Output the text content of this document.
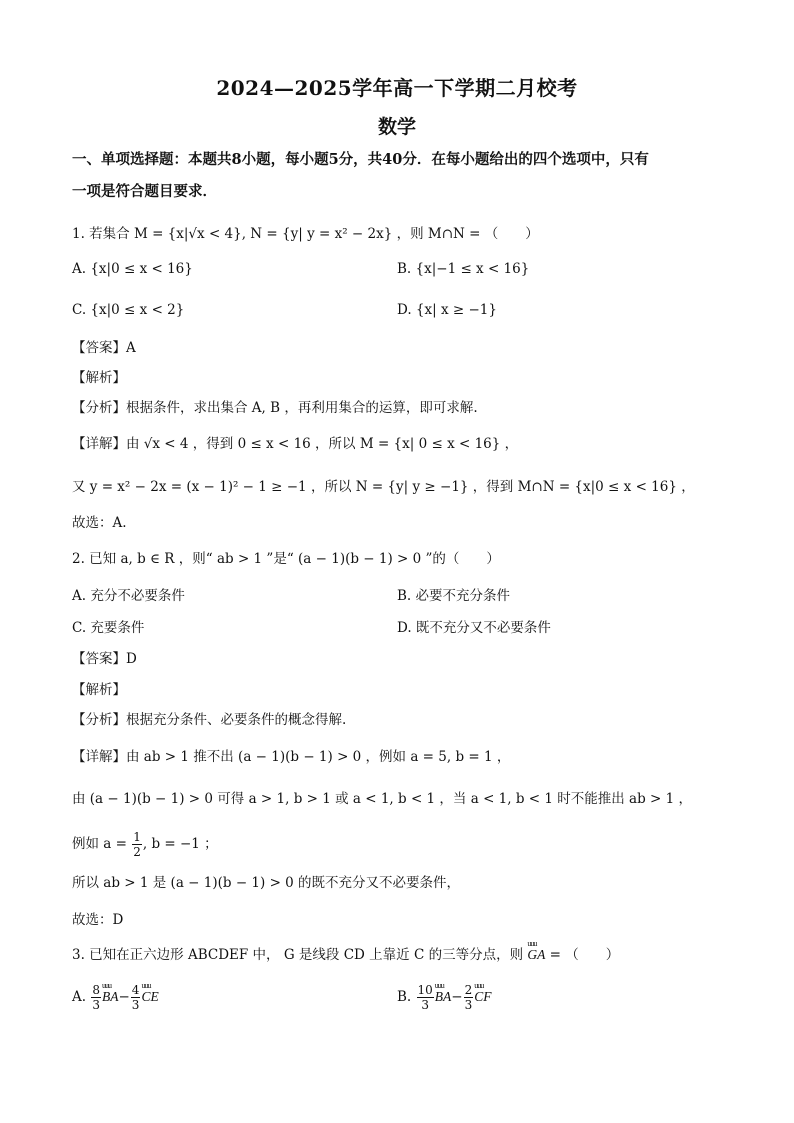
2024—2025学年高一下学期二月校考
数学
一、单项选择题：本题共8小题，每小题5分，共40分．在每小题给出的四个选项中，只有
一项是符合题目要求．
1. 若集合 M = {x|√x < 4}, N = {y| y = x² − 2x} ，则 M∩N = （　　）
A. {x|0 ≤ x < 16}	B. {x|−1 ≤ x < 16}
C. {x|0 ≤ x < 2}	D. {x| x ≥ −1}
【答案】A
【解析】
【分析】根据条件，求出集合 A, B ，再利用集合的运算，即可求解.
【详解】由 √x < 4 ，得到 0 ≤ x < 16 ，所以 M = {x| 0 ≤ x < 16} ，
又 y = x² − 2x = (x − 1)² − 1 ≥ −1 ，所以 N = {y| y ≥ −1} ，得到 M∩N = {x|0 ≤ x < 16} ，
故选：A.
2. 已知 a, b ∈ R ，则“ ab > 1 ”是“ (a − 1)(b − 1) > 0 ”的（　　）
A. 充分不必要条件	B. 必要不充分条件
C. 充要条件	D. 既不充分又不必要条件
【答案】D
【解析】
【分析】根据充分条件、必要条件的概念得解.
【详解】由 ab > 1 推不出 (a − 1)(b − 1) > 0 ，例如 a = 5, b = 1 ，
由 (a − 1)(b − 1) > 0 可得 a > 1, b > 1 或 a < 1, b < 1 ，当 a < 1, b < 1 时不能推出 ab > 1 ，
例如 $a = \frac{1}{2}$ , b = −1 ；
所以 ab > 1 是 (a − 1)(b − 1) > 0 的既不充分又不必要条件，
故选：D
3. 已知在正六边形 ABCDEF 中， G 是线段 CD 上靠近 C 的三等分点，则 uuu GA = （　　）
A. $\frac{8}{3}$ uuu $BA- \frac{4}{3}$ uuu CE	B. $\frac{10}{3}$ uuu $BA- \frac{2}{3}$ uuu CF
